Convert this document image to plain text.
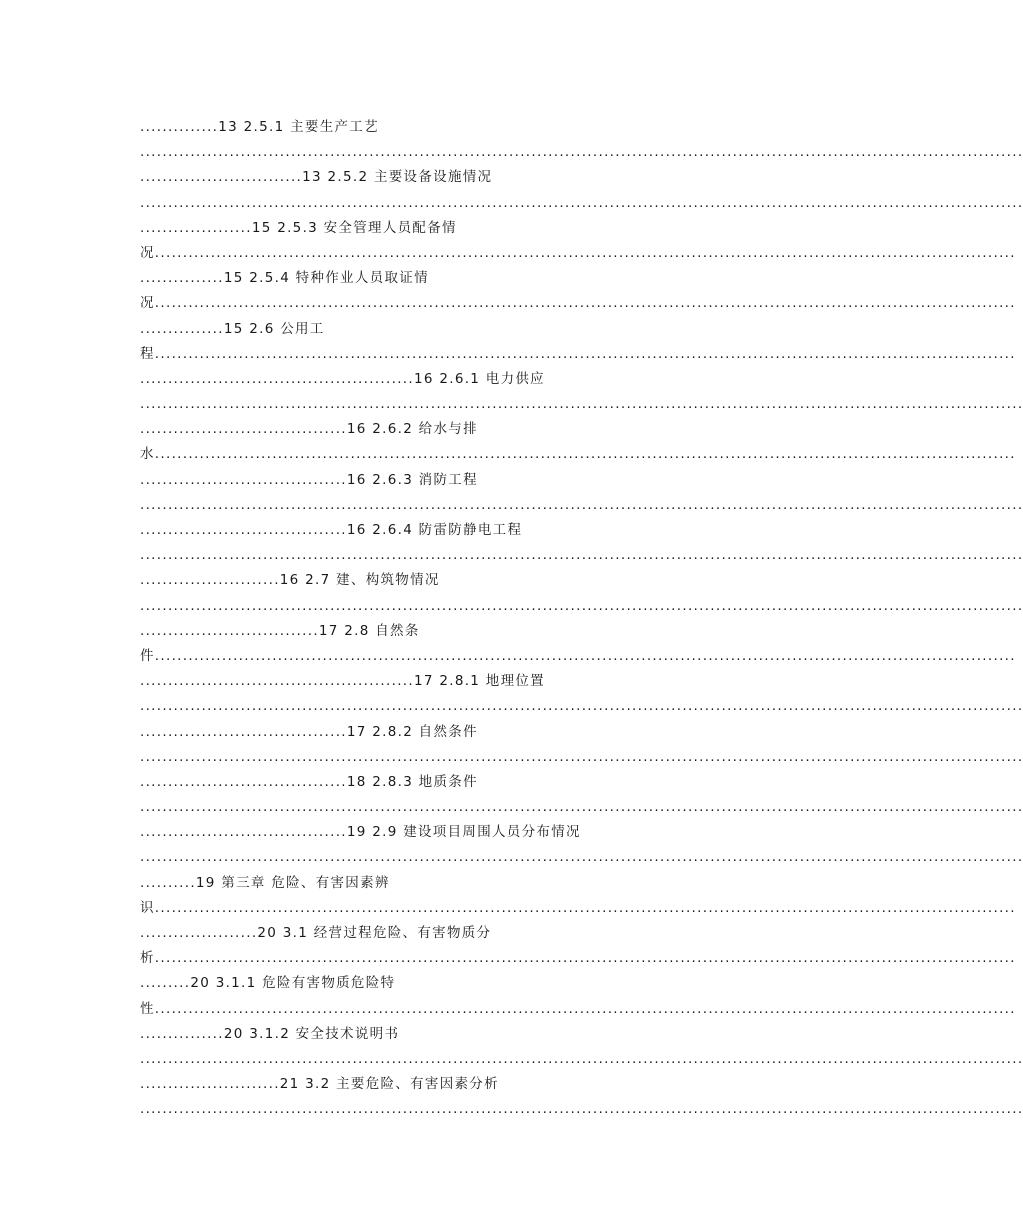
..............13 2.5.1 主要生产工艺
..............................................................................................................................................................
.............................13 2.5.2 主要设备设施情况
..............................................................................................................................................................
....................15 2.5.3 安全管理人员配备情
况..........................................................................................................................................................
...............15 2.5.4 特种作业人员取证情
况..........................................................................................................................................................
...............15 2.6 公用工
程..........................................................................................................................................................
.................................................16 2.6.1 电力供应
..............................................................................................................................................................
.....................................16 2.6.2 给水与排
水..........................................................................................................................................................
.....................................16 2.6.3 消防工程
..............................................................................................................................................................
.....................................16 2.6.4 防雷防静电工程
..............................................................................................................................................................
.........................16 2.7 建、构筑物情况
..............................................................................................................................................................
................................17 2.8 自然条
件..........................................................................................................................................................
.................................................17 2.8.1 地理位置
..............................................................................................................................................................
.....................................17 2.8.2 自然条件
..............................................................................................................................................................
.....................................18 2.8.3 地质条件
..............................................................................................................................................................
.....................................19 2.9 建设项目周围人员分布情况
..............................................................................................................................................................
..........19 第三章 危险、有害因素辨
识..........................................................................................................................................................
.....................20 3.1 经营过程危险、有害物质分
析..........................................................................................................................................................
.........20 3.1.1 危险有害物质危险特
性..........................................................................................................................................................
...............20 3.1.2 安全技术说明书
..............................................................................................................................................................
.........................21 3.2 主要危险、有害因素分析
..............................................................................................................................................................
